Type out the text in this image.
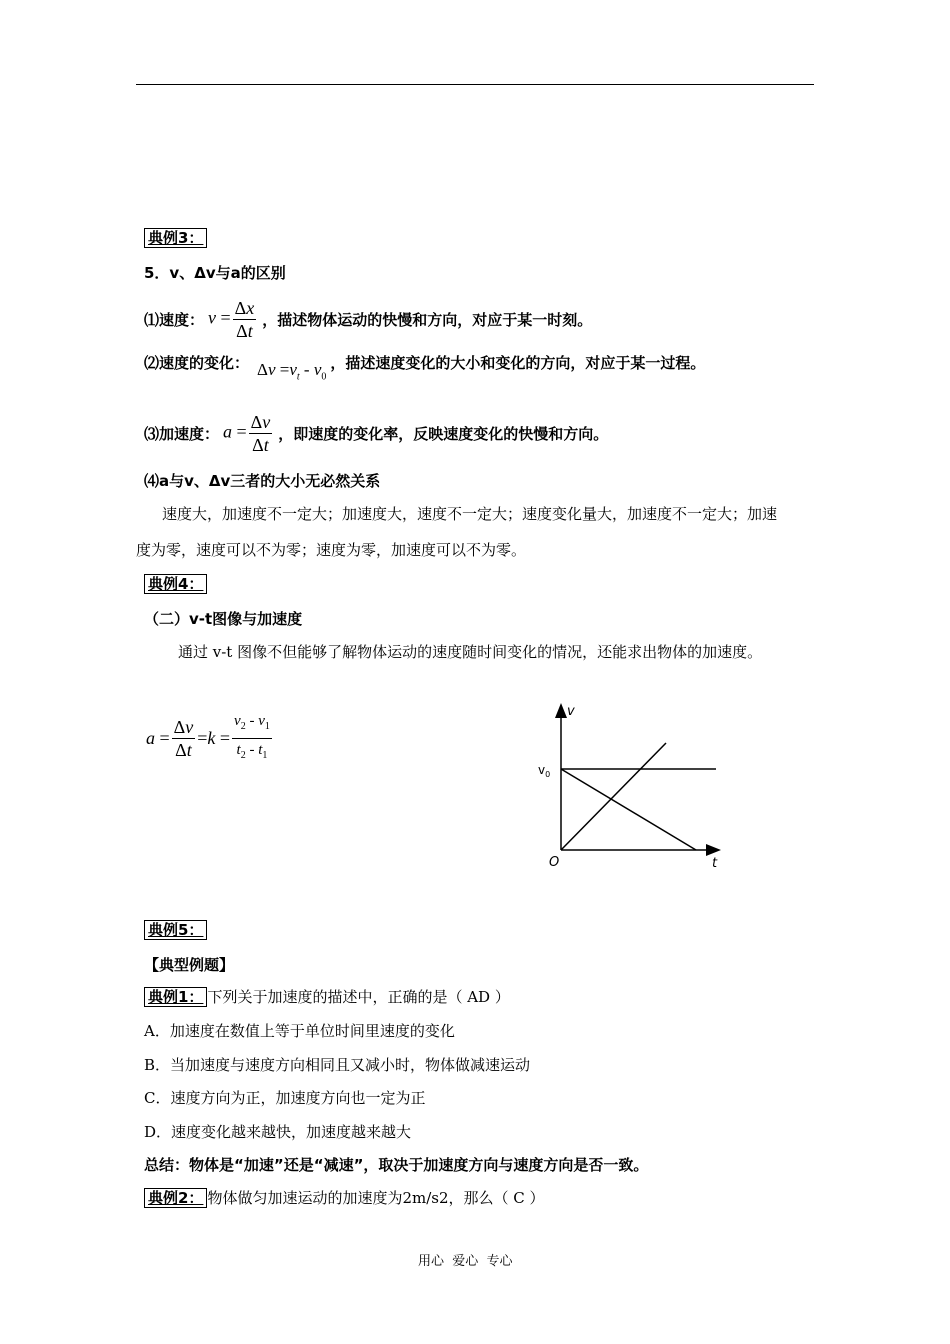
典例3：
5．v、Δv与a的区别
⑴速度： $v = \frac{\Delta x}{\Delta t}$ ，描述物体运动的快慢和方向，对应于某一时刻。
⑵速度的变化： $\Delta v =v_t - v_0$
，描述速度变化的大小和变化的方向，对应于某一过程。
⑶加速度： $a = \frac{\Delta v}{\Delta t}$ ，即速度的变化率，反映速度变化的快慢和方向。
⑷a与v、Δv三者的大小无必然关系
速度大，加速度不一定大；加速度大，速度不一定大；速度变化量大，加速度不一定大；加速
度为零，速度可以不为零；速度为零，加速度可以不为零。
典例4：
（二）v-t图像与加速度
通过 v-t 图像不但能够了解物体运动的速度随时间变化的情况，还能求出物体的加速度。
$a = \frac{\Delta v}{\Delta t} = k = \frac{v_2 - v_1}{t_2 - t_1}$	v
t
O
$v_0$
典例5：
【典型例题】
典例1： 下列关于加速度的描述中，正确的是（ AD ）
A．加速度在数值上等于单位时间里速度的变化
B．当加速度与速度方向相同且又减小时，物体做减速运动
C．速度方向为正，加速度方向也一定为正
D．速度变化越来越快，加速度越来越大
总结：物体是“加速”还是“减速”，取决于加速度方向与速度方向是否一致。
典例2： 物体做匀加速运动的加速度为2m/s2，那么（ C ）
用心  爱心  专心
